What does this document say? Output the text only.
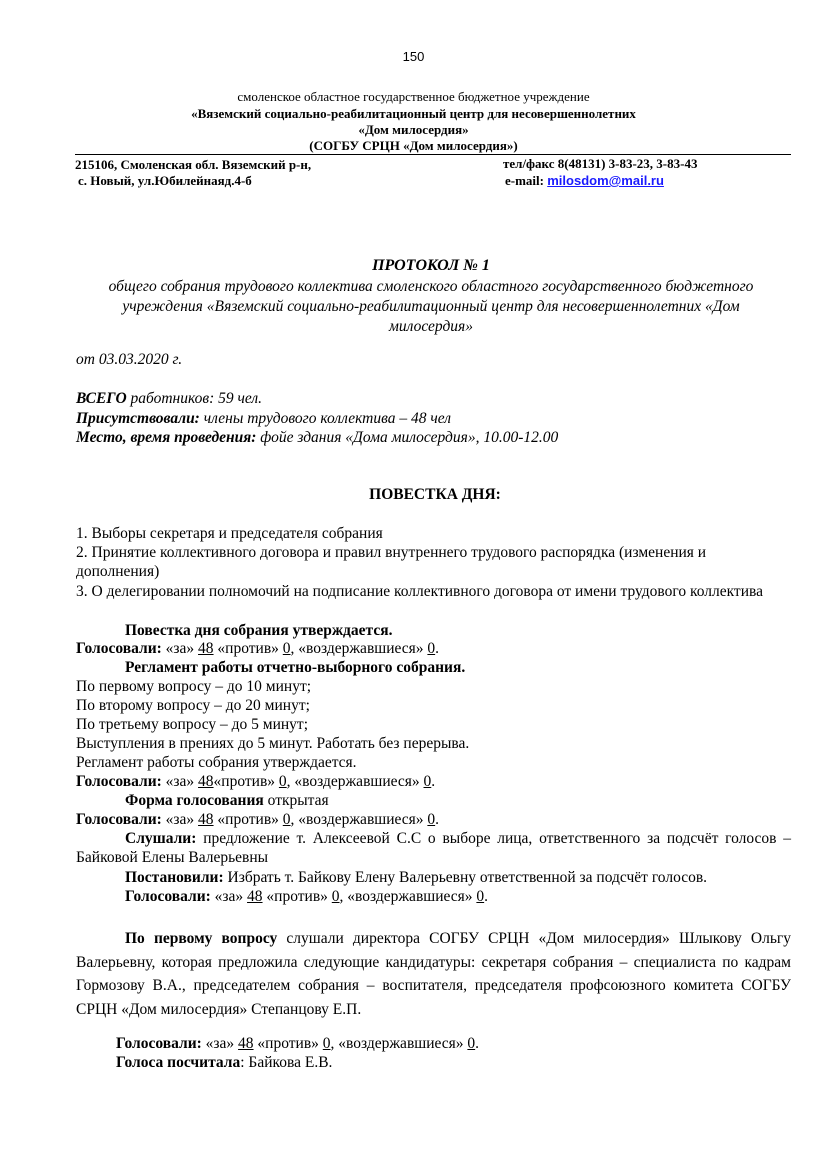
150
смоленское областное государственное бюджетное учреждение
«Вяземский социально-реабилитационный центр для несовершеннолетних
«Дом милосердия»
(СОГБУ СРЦН «Дом милосердия»)
215106, Смоленская обл. Вяземский р-н,
с. Новый, ул.Юбилейнаяд.4-б
тел/факс 8(48131) 3-83-23, 3-83-43
e-mail: milosdom@mail.ru
ПРОТОКОЛ № 1
общего собрания трудового коллектива смоленского областного государственного бюджетного учреждения «Вяземский социально-реабилитационный центр для несовершеннолетних «Дом милосердия»
от 03.03.2020 г.
ВСЕГО работников: 59 чел.
Присутствовали: члены трудового коллектива – 48 чел
Место, время проведения: фойе здания «Дома милосердия», 10.00-12.00
ПОВЕСТКА ДНЯ:
1. Выборы секретаря и председателя собрания
2. Принятие коллективного договора и правил внутреннего трудового распорядка (изменения и дополнения)
3. О делегировании полномочий на подписание коллективного договора от имени трудового коллектива
Повестка дня собрания утверждается.
Голосовали: «за» 48 «против» 0, «воздержавшиеся» 0.
Регламент работы отчетно-выборного собрания.
По первому вопросу – до 10 минут;
По второму вопросу – до 20 минут;
По третьему вопросу – до 5 минут;
Выступления в прениях до 5 минут. Работать без перерыва.
Регламент работы собрания утверждается.
Голосовали: «за» 48«против» 0, «воздержавшиеся» 0.
Форма голосования открытая
Голосовали: «за» 48 «против» 0, «воздержавшиеся» 0.
Слушали: предложение т. Алексеевой С.С о выборе лица, ответственного за подсчёт голосов – Байковой Елены Валерьевны
Постановили: Избрать т. Байкову Елену Валерьевну ответственной за подсчёт голосов.
Голосовали: «за» 48 «против» 0, «воздержавшиеся» 0.
По первому вопросу слушали директора СОГБУ СРЦН «Дом милосердия» Шлыкову Ольгу Валерьевну, которая предложила следующие кандидатуры: секретаря собрания – специалиста по кадрам Гормозову В.А., председателем собрания – воспитателя, председателя профсоюзного комитета СОГБУ СРЦН «Дом милосердия» Степанцову Е.П.
Голосовали: «за» 48 «против» 0, «воздержавшиеся» 0.
Голоса посчитала: Байкова Е.В.
